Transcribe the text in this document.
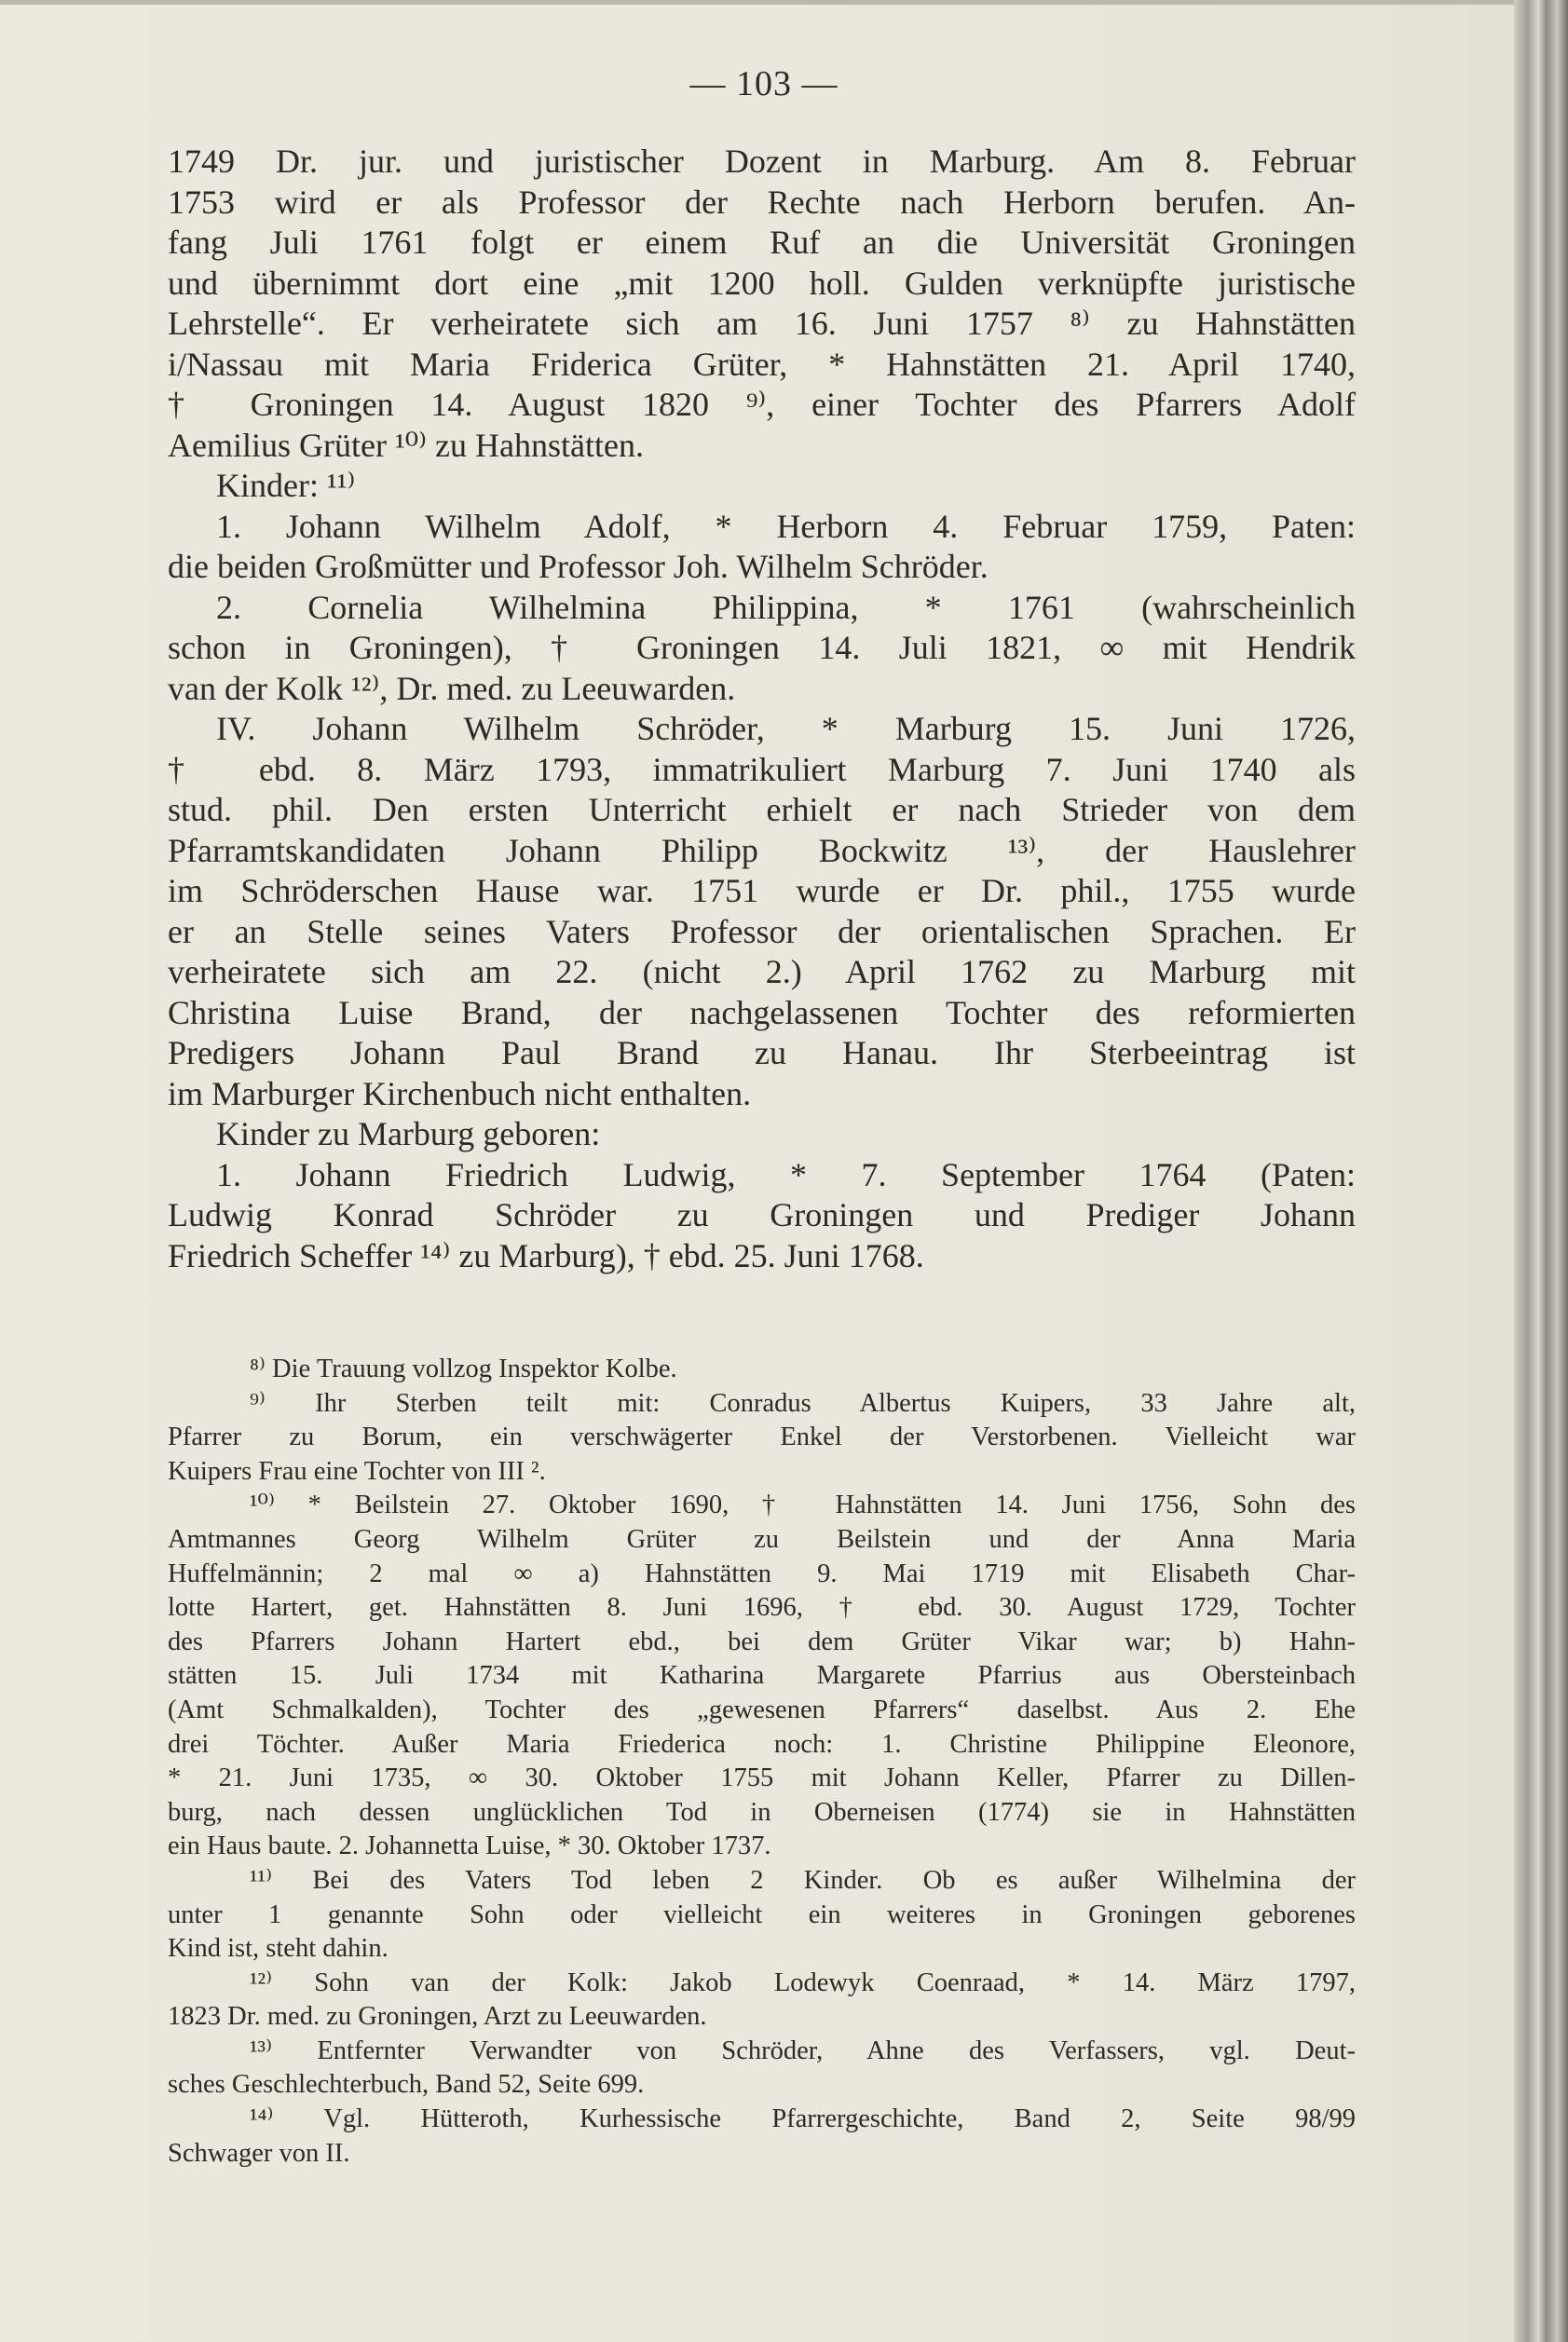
— 103 —
1749 Dr. jur. und juristischer Dozent in Marburg. Am 8. Februar
1753 wird er als Professor der Rechte nach Herborn berufen. An-
fang Juli 1761 folgt er einem Ruf an die Universität Groningen
und übernimmt dort eine „mit 1200 holl. Gulden verknüpfte juristische
Lehrstelle“. Er verheiratete sich am 16. Juni 1757 ⁸⁾ zu Hahnstätten
i/Nassau mit Maria Friderica Grüter, * Hahnstätten 21. April 1740,
† Groningen 14. August 1820 ⁹⁾, einer Tochter des Pfarrers Adolf
Aemilius Grüter ¹⁰⁾ zu Hahnstätten.
Kinder: ¹¹⁾
1. Johann Wilhelm Adolf, * Herborn 4. Februar 1759, Paten:
die beiden Großmütter und Professor Joh. Wilhelm Schröder.
2. Cornelia Wilhelmina Philippina, * 1761 (wahrscheinlich
schon in Groningen), † Groningen 14. Juli 1821, ∞ mit Hendrik
van der Kolk ¹²⁾, Dr. med. zu Leeuwarden.
IV. Johann Wilhelm Schröder, * Marburg 15. Juni 1726,
† ebd. 8. März 1793, immatrikuliert Marburg 7. Juni 1740 als
stud. phil. Den ersten Unterricht erhielt er nach Strieder von dem
Pfarramtskandidaten Johann Philipp Bockwitz ¹³⁾, der Hauslehrer
im Schröderschen Hause war. 1751 wurde er Dr. phil., 1755 wurde
er an Stelle seines Vaters Professor der orientalischen Sprachen. Er
verheiratete sich am 22. (nicht 2.) April 1762 zu Marburg mit
Christina Luise Brand, der nachgelassenen Tochter des reformierten
Predigers Johann Paul Brand zu Hanau. Ihr Sterbeeintrag ist
im Marburger Kirchenbuch nicht enthalten.
Kinder zu Marburg geboren:
1. Johann Friedrich Ludwig, * 7. September 1764 (Paten:
Ludwig Konrad Schröder zu Groningen und Prediger Johann
Friedrich Scheffer ¹⁴⁾ zu Marburg), † ebd. 25. Juni 1768.
⁸⁾ Die Trauung vollzog Inspektor Kolbe.
⁹⁾ Ihr Sterben teilt mit: Conradus Albertus Kuipers, 33 Jahre alt,
Pfarrer zu Borum, ein verschwägerter Enkel der Verstorbenen. Vielleicht war
Kuipers Frau eine Tochter von III ².
¹⁰⁾ * Beilstein 27. Oktober 1690, † Hahnstätten 14. Juni 1756, Sohn des
Amtmannes Georg Wilhelm Grüter zu Beilstein und der Anna Maria
Huffelmännin; 2 mal ∞ a) Hahnstätten 9. Mai 1719 mit Elisabeth Char-
lotte Hartert, get. Hahnstätten 8. Juni 1696, † ebd. 30. August 1729, Tochter
des Pfarrers Johann Hartert ebd., bei dem Grüter Vikar war; b) Hahn-
stätten 15. Juli 1734 mit Katharina Margarete Pfarrius aus Obersteinbach
(Amt Schmalkalden), Tochter des „gewesenen Pfarrers“ daselbst. Aus 2. Ehe
drei Töchter. Außer Maria Friederica noch: 1. Christine Philippine Eleonore,
* 21. Juni 1735, ∞ 30. Oktober 1755 mit Johann Keller, Pfarrer zu Dillen-
burg, nach dessen unglücklichen Tod in Oberneisen (1774) sie in Hahnstätten
ein Haus baute. 2. Johannetta Luise, * 30. Oktober 1737.
¹¹⁾ Bei des Vaters Tod leben 2 Kinder. Ob es außer Wilhelmina der
unter 1 genannte Sohn oder vielleicht ein weiteres in Groningen geborenes
Kind ist, steht dahin.
¹²⁾ Sohn van der Kolk: Jakob Lodewyk Coenraad, * 14. März 1797,
1823 Dr. med. zu Groningen, Arzt zu Leeuwarden.
¹³⁾ Entfernter Verwandter von Schröder, Ahne des Verfassers, vgl. Deut-
sches Geschlechterbuch, Band 52, Seite 699.
¹⁴⁾ Vgl. Hütteroth, Kurhessische Pfarrergeschichte, Band 2, Seite 98/99
Schwager von II.
